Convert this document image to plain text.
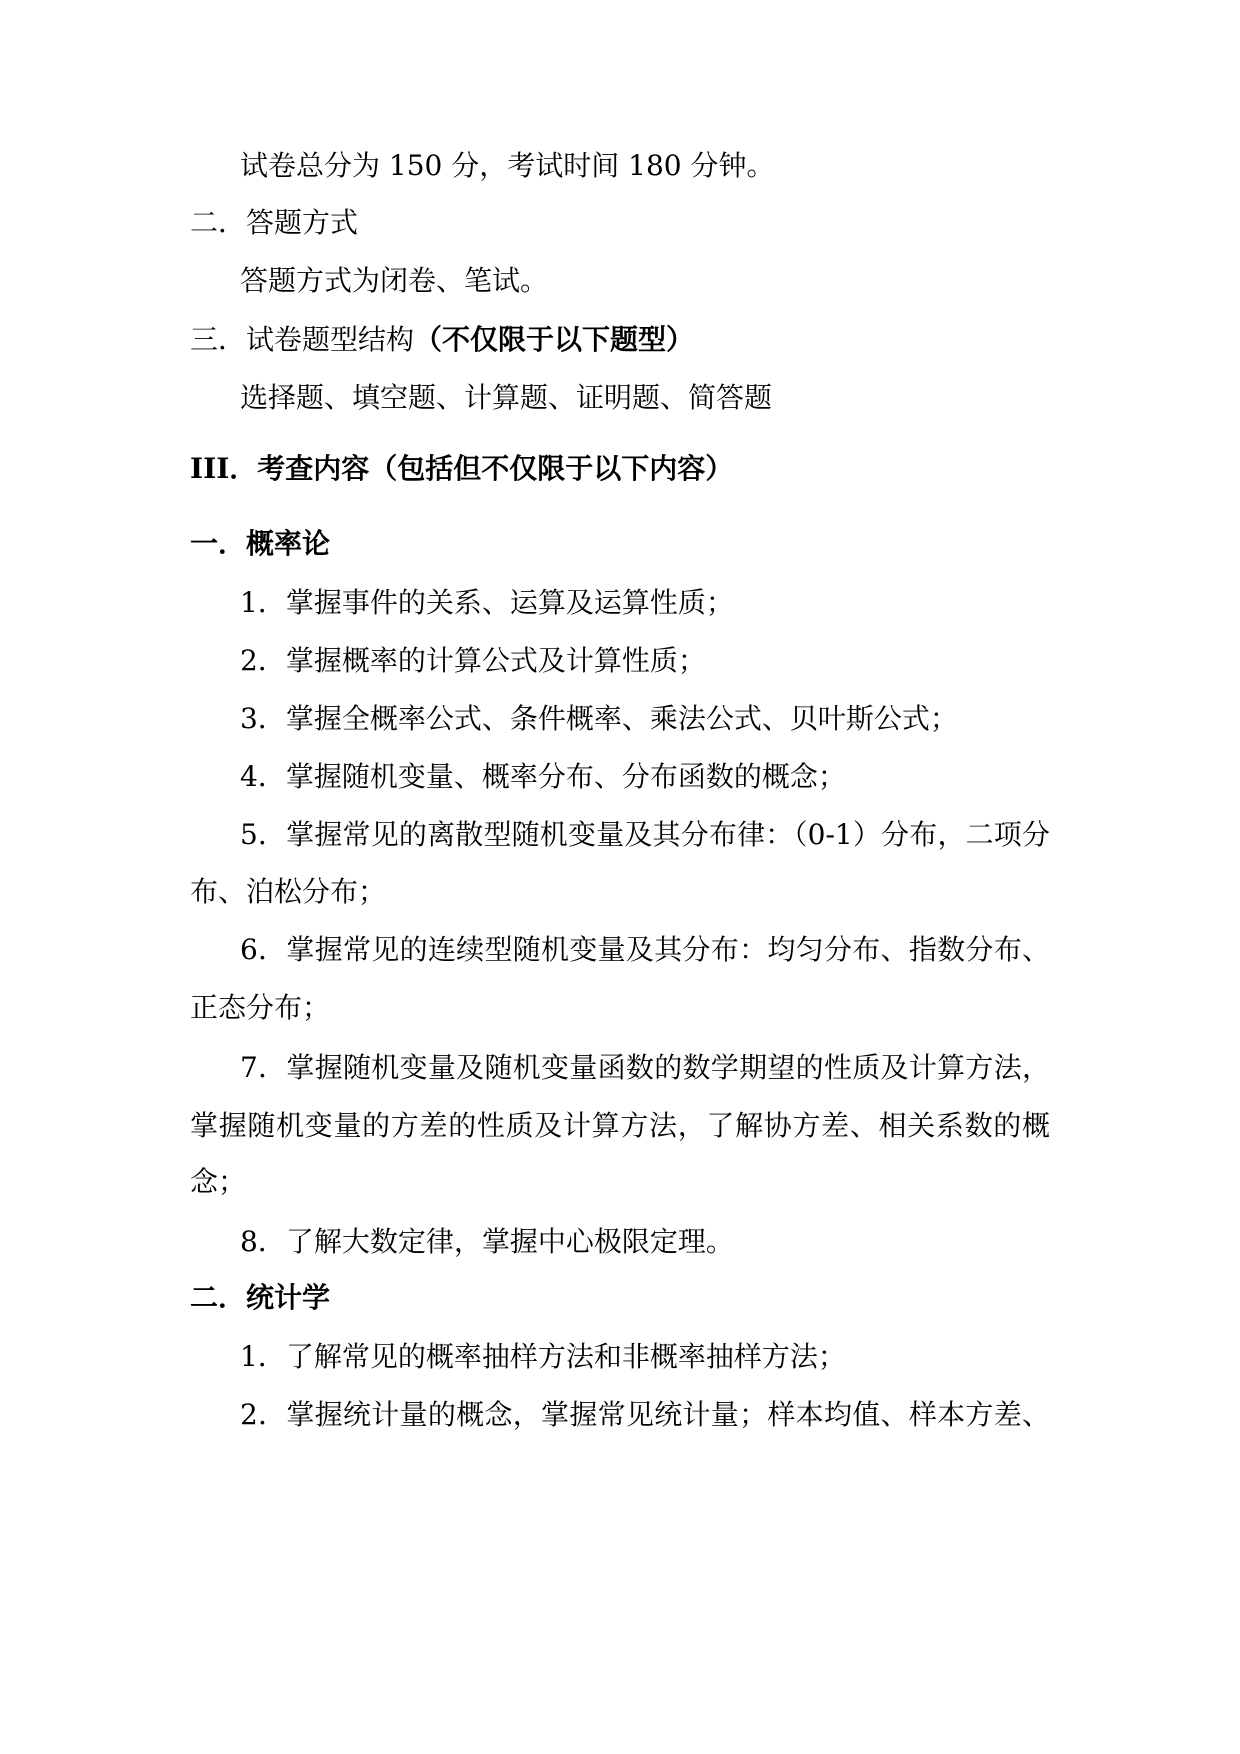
试卷总分为 150 分，考试时间 180 分钟。
二．答题方式
答题方式为闭卷、笔试。
三．试卷题型结构（不仅限于以下题型）
选择题、填空题、计算题、证明题、简答题
III．考查内容（包括但不仅限于以下内容）
一．概率论
1．掌握事件的关系、运算及运算性质；
2．掌握概率的计算公式及计算性质；
3．掌握全概率公式、条件概率、乘法公式、贝叶斯公式；
4．掌握随机变量、概率分布、分布函数的概念；
5．掌握常见的离散型随机变量及其分布律：（0-1）分布，二项分
布、泊松分布；
6．掌握常见的连续型随机变量及其分布：均匀分布、指数分布、
正态分布；
7．掌握随机变量及随机变量函数的数学期望的性质及计算方法，
掌握随机变量的方差的性质及计算方法，了解协方差、相关系数的概
念；
8．了解大数定律，掌握中心极限定理。
二．统计学
1．了解常见的概率抽样方法和非概率抽样方法；
2．掌握统计量的概念，掌握常见统计量；样本均值、样本方差、
